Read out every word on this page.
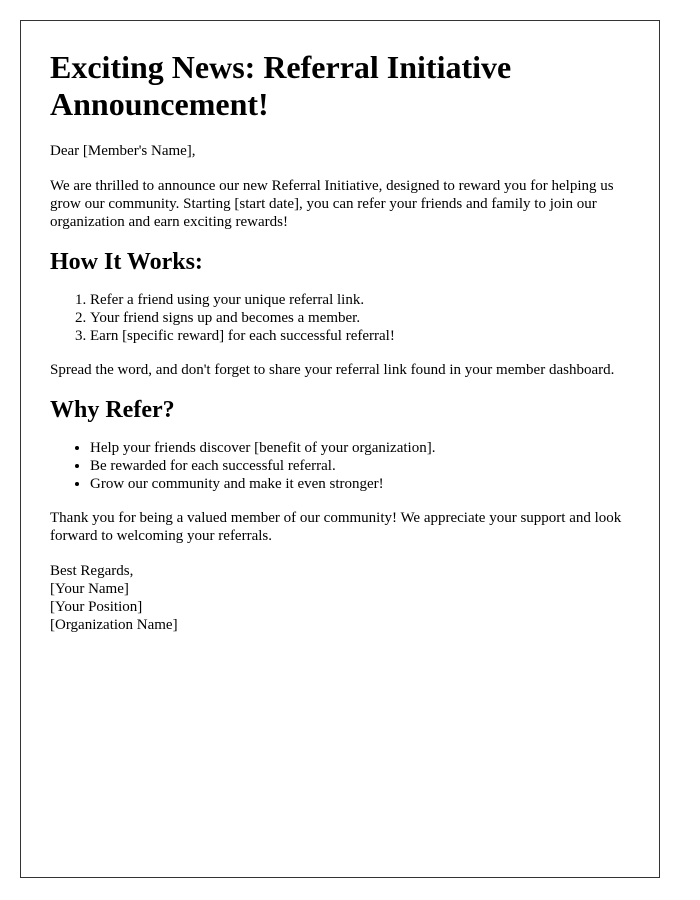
Exciting News: Referral Initiative Announcement!

Dear [Member's Name],

We are thrilled to announce our new Referral Initiative, designed to reward you for helping us grow our community. Starting [start date], you can refer your friends and family to join our organization and earn exciting rewards!

How It Works:
1. Refer a friend using your unique referral link.
2. Your friend signs up and becomes a member.
3. Earn [specific reward] for each successful referral!

Spread the word, and don't forget to share your referral link found in your member dashboard.

Why Refer?
• Help your friends discover [benefit of your organization].
• Be rewarded for each successful referral.
• Grow our community and make it even stronger!

Thank you for being a valued member of our community! We appreciate your support and look forward to welcoming your referrals.

Best Regards,
[Your Name]
[Your Position]
[Organization Name]
